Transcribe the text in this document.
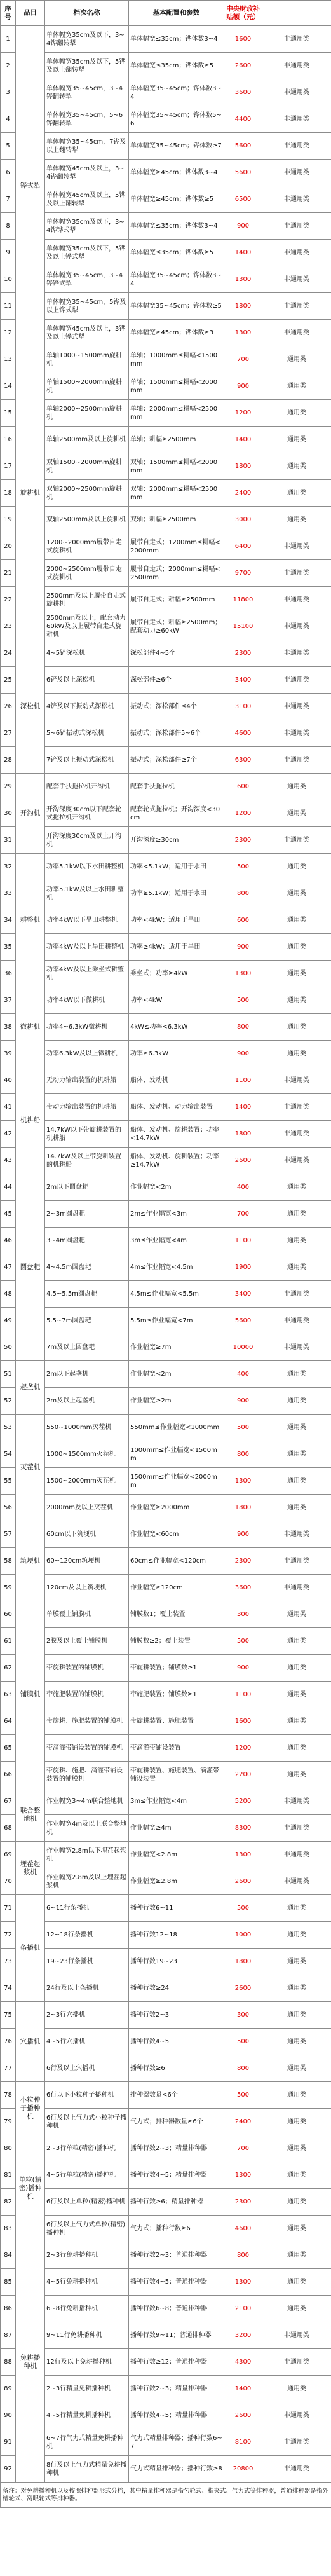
序号	品目	档次名称	基本配置和参数	中央财政补贴额（元）	
1	铧式犁	单体幅宽35cm及以下，3~4铧翻转犁	单体幅宽≤35cm；铧体数3~4	1600	非通用类
2		单体幅宽35cm及以下，5铧及以上翻转犁	单体幅宽≤35cm；铧体数≥5	2600	非通用类
3		单体幅宽35~45cm，3~4铧翻转犁	单体幅宽35~45cm；铧体数3~4	3600	非通用类
4		单体幅宽35~45cm，5~6铧翻转犁	单体幅宽35~45cm；铧体数5~6	4400	非通用类
5		单体幅宽35~45cm，7铧及以上翻转犁	单体幅宽35~45cm；铧体数≥7	5600	非通用类
6		单体幅宽45cm及以上，3~4铧翻转犁	单体幅宽≥45cm；铧体数3~4	5600	非通用类
7		单体幅宽45cm及以上，5铧及以上翻转犁	单体幅宽≥45cm；铧体数≥5	6500	非通用类
8		单体幅宽35cm及以下，3~4铧铧式犁	单体幅宽≤35cm；铧体数3~4	900	非通用类
9		单体幅宽35cm及以下，5铧及以上铧式犁	单体幅宽≤35cm；铧体数≥5	1400	非通用类
10		单体幅宽35~45cm，3~4铧铧式犁	单体幅宽35~45cm；铧体数3~4	1300	非通用类
11		单体幅宽35~45cm，5铧及以上铧式犁	单体幅宽35~45cm；铧体数≥5	1800	非通用类
12		单体幅宽45cm及以上，3铧及以上铧式犁	单体幅宽≥45cm；铧体数≥3	1300	非通用类
13	旋耕机	单轴1000~1500mm旋耕机	单轴；1000mm≤耕幅<1500mm	700	通用类
14		单轴1500~2000mm旋耕机	单轴；1500mm≤耕幅<2000mm	900	通用类
15		单轴2000~2500mm旋耕机	单轴；2000mm≤耕幅<2500mm	1200	通用类
16		单轴2500mm及以上旋耕机	单轴；耕幅≥2500mm	1400	通用类
17		双轴1500~2000mm旋耕机	双轴；1500mm≤耕幅<2000mm	1800	通用类
18		双轴2000~2500mm旋耕机	双轴；2000mm≤耕幅<2500mm	2400	通用类
19		双轴2500mm及以上旋耕机	双轴；耕幅≥2500mm	3000	通用类
20		1200~2000mm履带自走式旋耕机	履带自走式；1200mm≤耕幅<2000mm	6400	非通用类
21		2000~2500mm履带自走式旋耕机	履带自走式；2000mm≤耕幅<2500mm	9700	非通用类
22		2500mm及以上履带自走式旋耕机	履带自走式；耕幅≥2500mm	11800	非通用类
23		2500mm及以上，配套动力60kW及以上履带自走式旋耕机	履带自走式；耕幅≥2500mm；配套动力≥60kW	15100	非通用类
24	深松机	4~5铲深松机	深松部件4~5个	2300	非通用类
25		6铲及以上深松机	深松部件≥6个	3400	非通用类
26		4铲及以下振动式深松机	振动式；深松部件≤4个	3100	非通用类
27		5~6铲振动式深松机	振动式；深松部件5~6个	4600	非通用类
28		7铲及以上振动式深松机	振动式；深松部件≥7个	6300	非通用类
29	开沟机	配套手扶拖拉机开沟机	配套手扶拖拉机	600	通用类
30		开沟深度30cm以下配套轮式拖拉机开沟机	配套轮式拖拉机；开沟深度<30cm	1200	通用类
31		开沟深度30cm及以上开沟机	开沟深度≥30cm	2300	非通用类
32	耕整机	功率5.1kW以下水田耕整机	功率<5.1kW；适用于水田	500	通用类
33		功率5.1kW及以上水田耕整机	功率≥5.1kW；适用于水田	800	通用类
34		功率4kW以下旱田耕整机	功率<4kW；适用于旱田	600	通用类
35		功率4kW及以上旱田耕整机	功率≥4kW；适用于旱田	900	通用类
36		功率4kW及以上乘坐式耕整机	乘坐式；功率≥4kW	1300	通用类
37	微耕机	功率4kW以下微耕机	功率<4kW	500	通用类
38		功率4~6.3kW微耕机	4kW≤功率<6.3kW	800	通用类
39		功率6.3kW及以上微耕机	功率≥6.3kW	900	通用类
40	机耕船	无动力输出装置的机耕船	船体、发动机	1100	非通用类
41		带动力输出装置的机耕船	船体、发动机、动力输出装置	1400	非通用类
42		14.7kW以下带旋耕装置的机耕船	船体、发动机、旋耕装置；功率<14.7kW	1800	非通用类
43		14.7kW及以上带旋耕装置的机耕船	船体、发动机、旋耕装置；功率≥14.7kW	2600	非通用类
44	圆盘耙	2m以下圆盘耙	作业幅宽<2m	400	通用类
45		2~3m圆盘耙	2m≤作业幅宽<3m	700	通用类
46		3~4m圆盘耙	3m≤作业幅宽<4m	1100	通用类
47		4~4.5m圆盘耙	4m≤作业幅宽<4.5m	1900	通用类
48		4.5~5.5m圆盘耙	4.5m≤作业幅宽<5.5m	3400	非通用类
49		5.5~7m圆盘耙	5.5m≤作业幅宽<7m	5600	非通用类
50		7m及以上圆盘耙	作业幅宽≥7m	10000	非通用类
51	起垄机	2m以下起垄机	作业幅宽<2m	400	通用类
52		2m及以上起垄机	作业幅宽≥2m	900	通用类
53	灭茬机	550~1000mm灭茬机	550mm≤作业幅宽<1000mm	500	通用类
54		1000~1500mm灭茬机	1000mm≤作业幅宽<1500mm	800	通用类
55		1500~2000mm灭茬机	1500mm≤作业幅宽<2000mm	1300	通用类
56		2000mm及以上灭茬机	作业幅宽≥2000mm	1800	通用类
57	筑埂机	60cm以下筑埂机	作业幅宽<60cm	900	非通用类
58		60~120cm筑埂机	60cm≤作业幅宽<120cm	2300	非通用类
59		120cm及以上筑埂机	作业幅宽≥120cm	3600	非通用类
60	铺膜机	单膜覆土铺膜机	铺膜数1；覆土装置	300	通用类
61		2膜及以上覆土铺膜机	铺膜数≥2；覆土装置	500	通用类
62		带旋耕装置的铺膜机	带旋耕装置；铺膜数≥1	900	通用类
63		带施肥装置的铺膜机	带施肥装置；铺膜数≥1	1100	通用类
64		带旋耕、施肥装置的铺膜机	带旋耕装置、施肥装置	1600	通用类
65		带滴灌带铺设装置的铺膜机	带滴灌带铺设装置	1200	通用类
66		带旋耕、施肥、滴灌带铺设装置的铺膜机	带旋耕装置、施肥装置、滴灌带铺设装置	2200	通用类
67	联合整地机	作业幅宽3~4m联合整地机	3m≤作业幅宽<4m	5200	非通用类
68		作业幅宽4m及以上联合整地机	作业幅宽≥4m	8300	非通用类
69	埋茬起浆机	作业幅宽2.8m以下埋茬起浆机	作业幅宽<2.8m	1300	非通用类
70		作业幅宽2.8m及以上埋茬起浆机	作业幅宽≥2.8m	2600	非通用类
71	条播机	6~11行条播机	播种行数6~11	500	通用类
72		12~18行条播机	播种行数12~18	1000	通用类
73		19~23行条播机	播种行数19~23	1800	通用类
74		24行及以上条播机	播种行数≥24	2600	通用类
75	穴播机	2~3行穴播机	播种行数2~3	300	通用类
76		4~5行穴播机	播种行数4~5	500	通用类
77		6行及以上穴播机	播种行数≥6	800	通用类
78	小粒种子播种机	6行以下小粒种子播种机	排种器数量<6个	500	通用类
79		6行及以上气力式小粒种子播种机	气力式；排种器数量≥6个	2400	通用类
80	单粒(精密)播种机	2~3行单粒(精密)播种机	播种行数2~3；精量排种器	700	通用类
81		4~5行单粒(精密)播种机	播种行数4~5；精量排种器	1300	通用类
82		6行及以上单粒(精密)播种机	播种行数≥6；精量排种器	2300	通用类
83		6行及以上气力式单粒(精密)播种机	气力式；播种行数≥6	4600	通用类
84	免耕播种机	2~3行免耕播种机	播种行数2~3；普通排种器	800	通用类
85		4~5行免耕播种机	播种行数4~5；普通排种器	1300	通用类
86		6~8行免耕播种机	播种行数6~8；普通排种器	2100	通用类
87		9~11行免耕播种机	播种行数9~11；普通排种器	3200	非通用类
88		12行及以上免耕播种机	播种行数≥12；普通排种器	4300	非通用类
89		2~3行精量免耕播种机	播种行数2~3；精量排种器	1400	通用类
90		4~5行精量免耕播种机	播种行数4~5；精量排种器	2600	非通用类
91		6~7行气力式精量免耕播种机	气力式精量排种器；播种行数6~7	8100	非通用类
92		8行及以上气力式精量免耕播种机	气力式精量排种器；播种行数≥8	20800	非通用类
备注：对免耕播种机以及按照排种器形式分档，其中精量排种器是指勺轮式、指夹式、气力式等排种器，普通排种器是指外槽轮式、窝眼轮式等排种器。					
